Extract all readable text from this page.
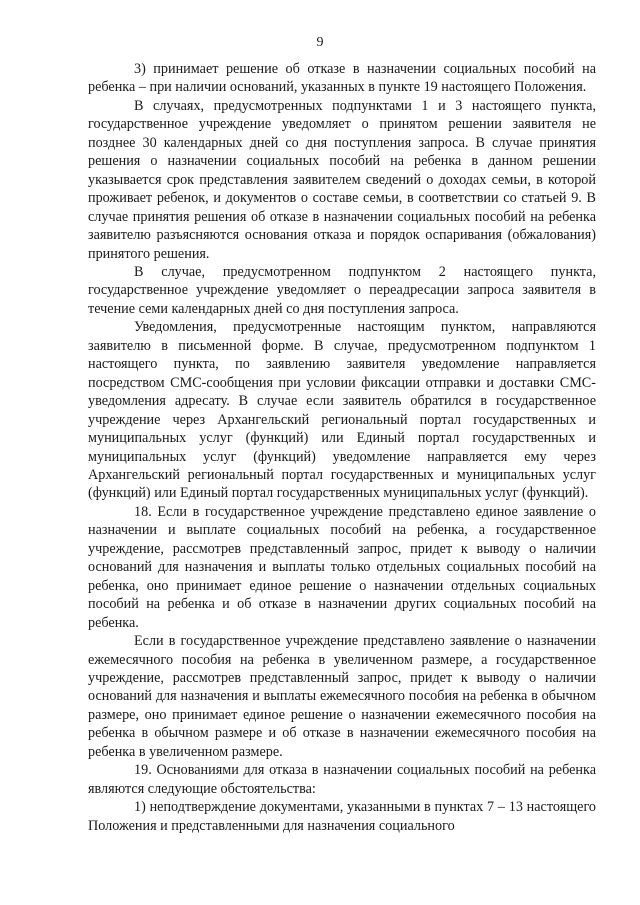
9

3) принимает решение об отказе в назначении социальных пособий на ребенка – при наличии оснований, указанных в пункте 19 настоящего Положения.

В случаях, предусмотренных подпунктами 1 и 3 настоящего пункта, государственное учреждение уведомляет о принятом решении заявителя не позднее 30 календарных дней со дня поступления запроса. В случае принятия решения о назначении социальных пособий на ребенка в данном решении указывается срок представления заявителем сведений о доходах семьи, в которой проживает ребенок, и документов о составе семьи, в соответствии со статьей 9. В случае принятия решения об отказе в назначении социальных пособий на ребенка заявителю разъясняются основания отказа и порядок оспаривания (обжалования) принятого решения.

В случае, предусмотренном подпунктом 2 настоящего пункта, государственное учреждение уведомляет о переадресации запроса заявителя в течение семи календарных дней со дня поступления запроса.

Уведомления, предусмотренные настоящим пунктом, направляются заявителю в письменной форме. В случае, предусмотренном подпунктом 1 настоящего пункта, по заявлению заявителя уведомление направляется посредством СМС-сообщения при условии фиксации отправки и доставки СМС-уведомления адресату. В случае если заявитель обратился в государственное учреждение через Архангельский региональный портал государственных и муниципальных услуг (функций) или Единый портал государственных и муниципальных услуг (функций) уведомление направляется ему через Архангельский региональный портал государственных и муниципальных услуг (функций) или Единый портал государственных муниципальных услуг (функций).

18. Если в государственное учреждение представлено единое заявление о назначении и выплате социальных пособий на ребенка, а государственное учреждение, рассмотрев представленный запрос, придет к выводу о наличии оснований для назначения и выплаты только отдельных социальных пособий на ребенка, оно принимает единое решение о назначении отдельных социальных пособий на ребенка и об отказе в назначении других социальных пособий на ребенка.

Если в государственное учреждение представлено заявление о назначении ежемесячного пособия на ребенка в увеличенном размере, а государственное учреждение, рассмотрев представленный запрос, придет к выводу о наличии оснований для назначения и выплаты ежемесячного пособия на ребенка в обычном размере, оно принимает единое решение о назначении ежемесячного пособия на ребенка в обычном размере и об отказе в назначении ежемесячного пособия на ребенка в увеличенном размере.

19. Основаниями для отказа в назначении социальных пособий на ребенка являются следующие обстоятельства:

1) неподтверждение документами, указанными в пунктах 7 – 13 настоящего Положения и представленными для назначения социального
